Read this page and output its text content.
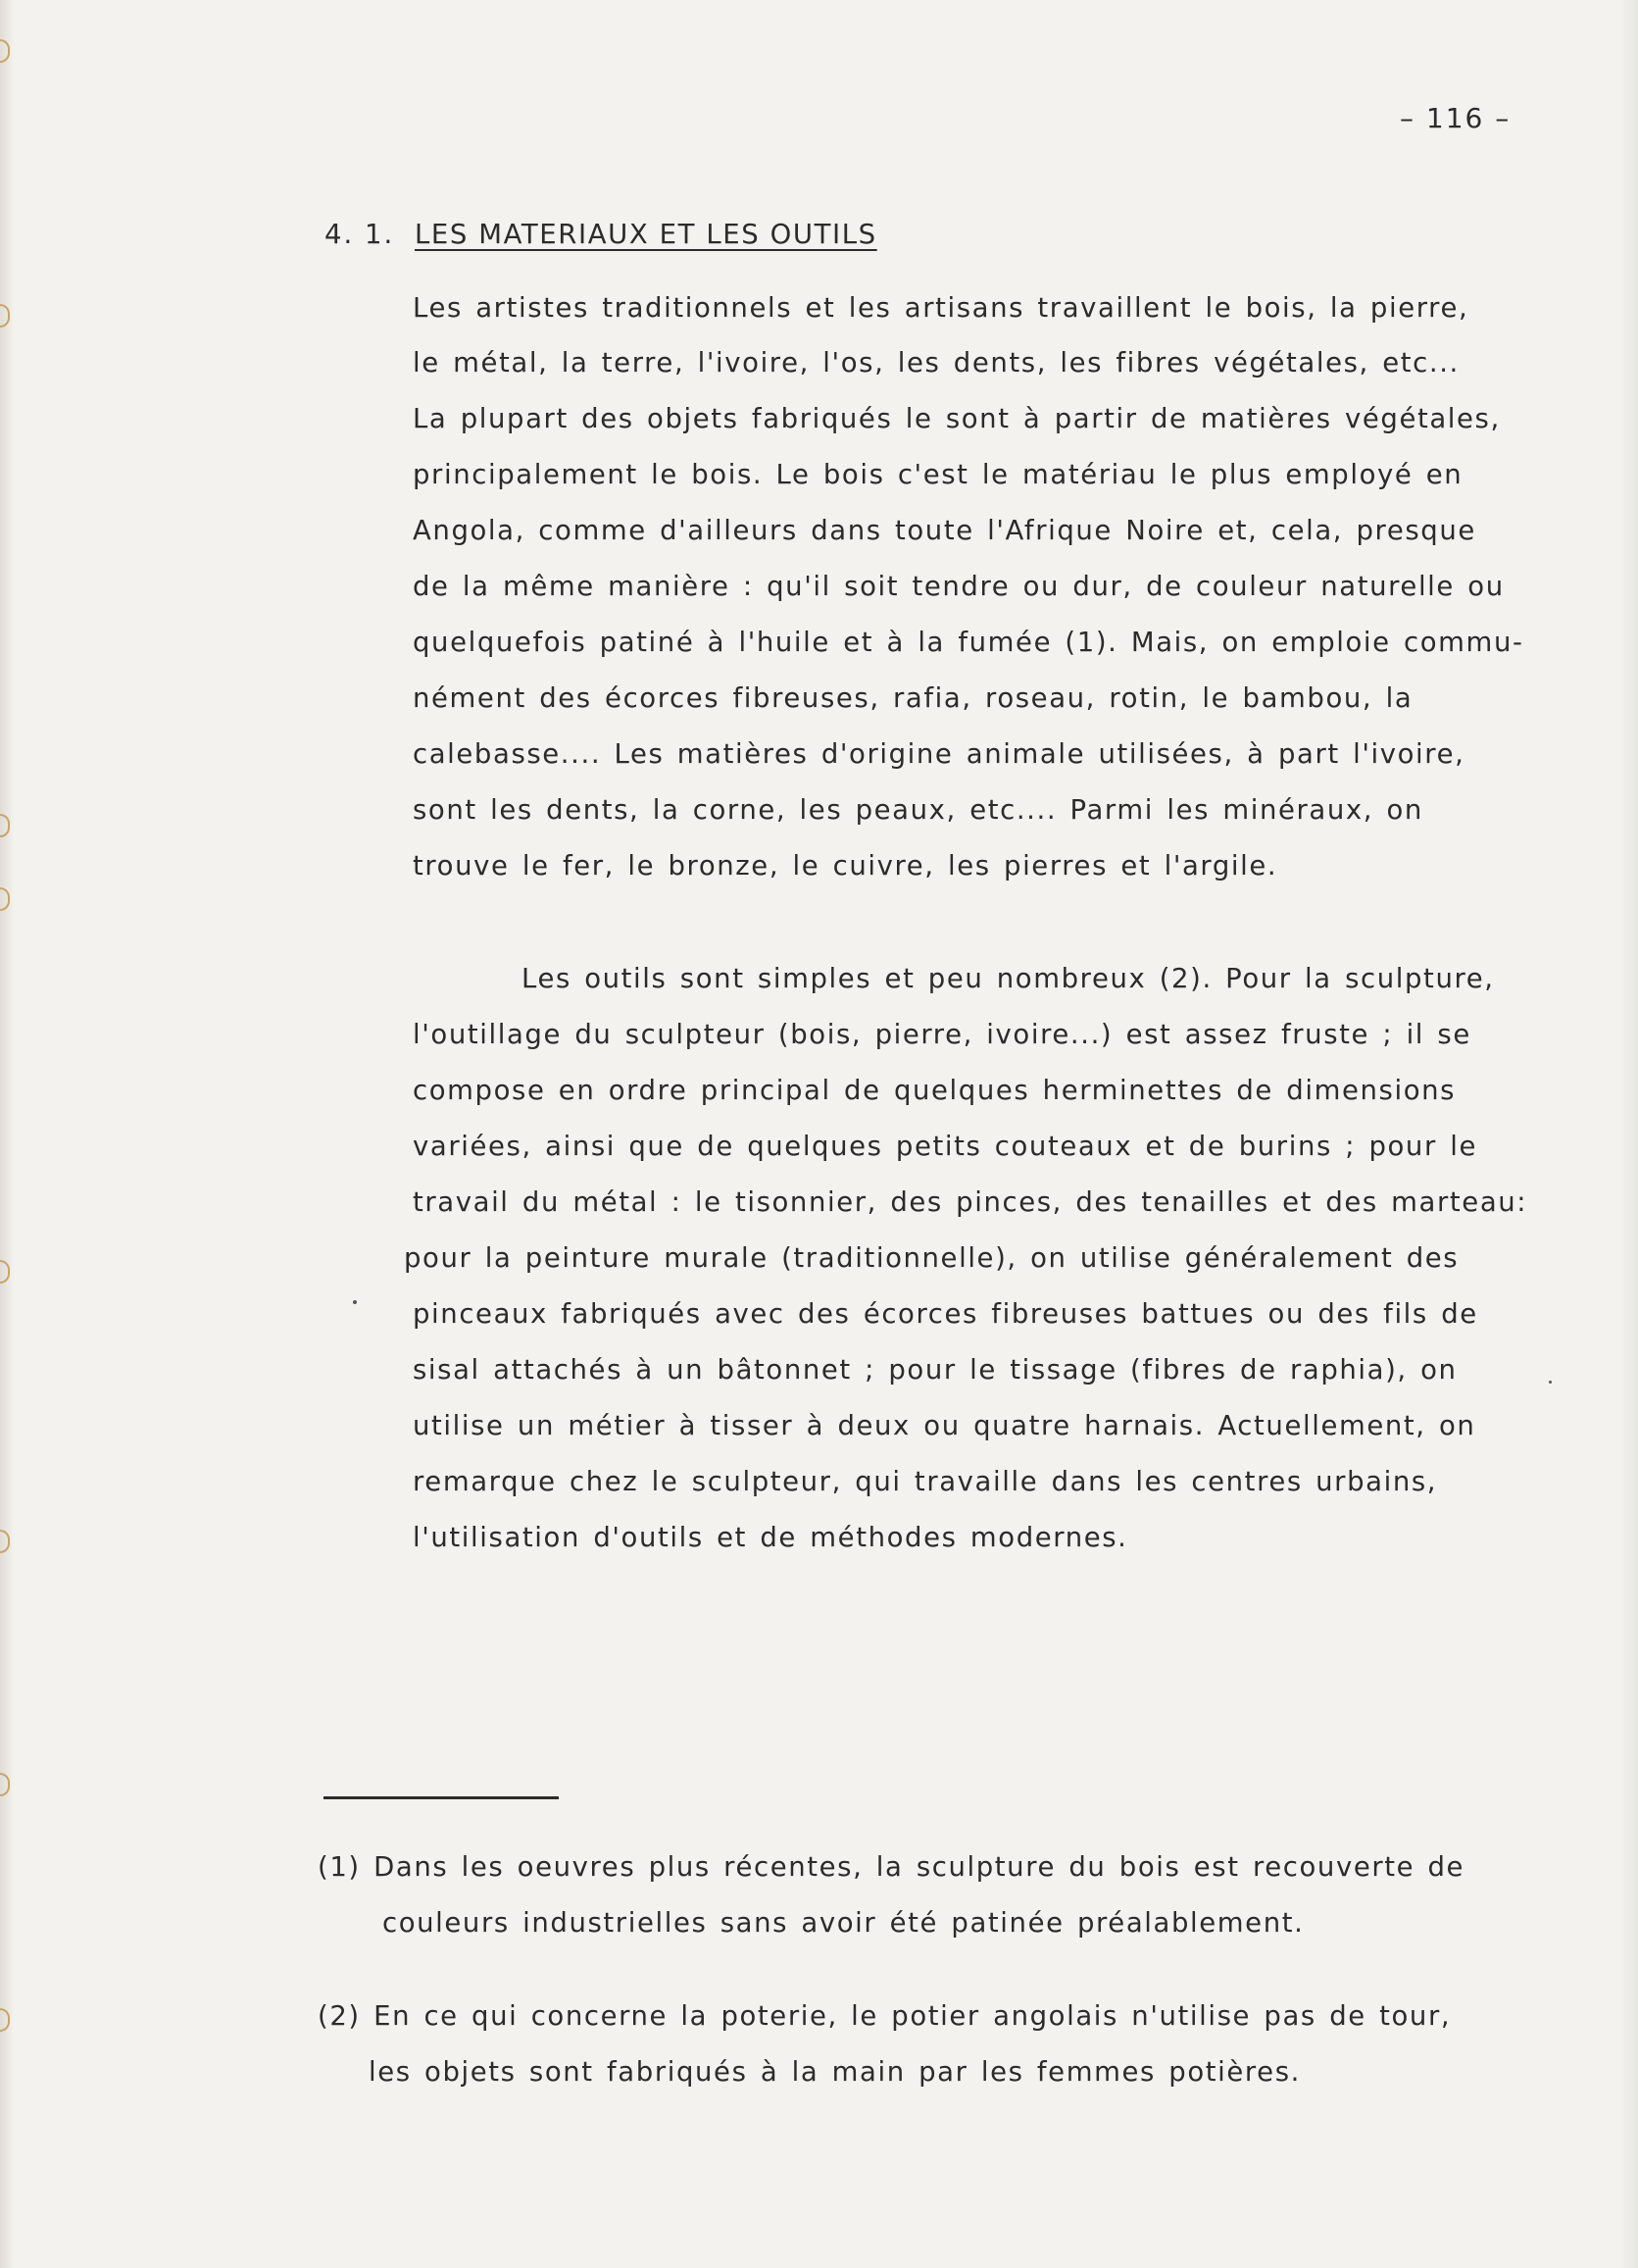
– 116 –
4. 1. LES MATERIAUX ET LES OUTILS
Les artistes traditionnels et les artisans travaillent le bois, la pierre,
le métal, la terre, l'ivoire, l'os, les dents, les fibres végétales, etc...
La plupart des objets fabriqués le sont à partir de matières végétales,
principalement le bois. Le bois c'est le matériau le plus employé en
Angola, comme d'ailleurs dans toute l'Afrique Noire et, cela, presque
de la même manière : qu'il soit tendre ou dur, de couleur naturelle ou
quelquefois patiné à l'huile et à la fumée (1). Mais, on emploie commu-
nément des écorces fibreuses, rafia, roseau, rotin, le bambou, la
calebasse.... Les matières d'origine animale utilisées, à part l'ivoire,
sont les dents, la corne, les peaux, etc.... Parmi les minéraux, on
trouve le fer, le bronze, le cuivre, les pierres et l'argile.
Les outils sont simples et peu nombreux (2). Pour la sculpture,
l'outillage du sculpteur (bois, pierre, ivoire...) est assez fruste ; il se
compose en ordre principal de quelques herminettes de dimensions
variées, ainsi que de quelques petits couteaux et de burins ; pour le
travail du métal : le tisonnier, des pinces, des tenailles et des marteau:
pour la peinture murale (traditionnelle), on utilise généralement des
pinceaux fabriqués avec des écorces fibreuses battues ou des fils de
sisal attachés à un bâtonnet ; pour le tissage (fibres de raphia), on
utilise un métier à tisser à deux ou quatre harnais. Actuellement, on
remarque chez le sculpteur, qui travaille dans les centres urbains,
l'utilisation d'outils et de méthodes modernes.
(1) Dans les oeuvres plus récentes, la sculpture du bois est recouverte de
couleurs industrielles sans avoir été patinée préalablement.
(2) En ce qui concerne la poterie, le potier angolais n'utilise pas de tour,
les objets sont fabriqués à la main par les femmes potières.
